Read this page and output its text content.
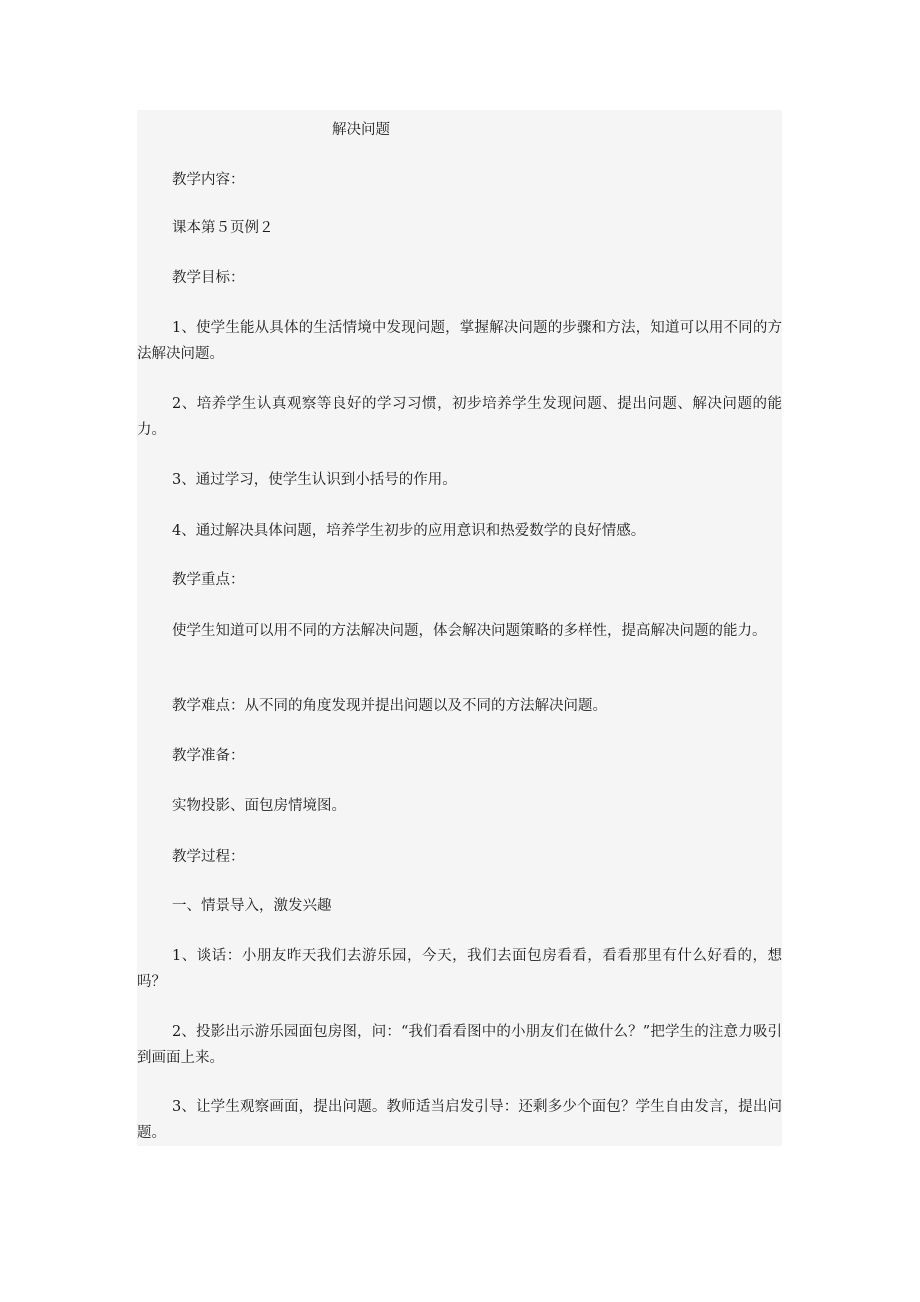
解决问题

教学内容：

课本第５页例２

教学目标：

1、使学生能从具体的生活情境中发现问题，掌握解决问题的步骤和方法，知道可以用不同的方法解决问题。

2、培养学生认真观察等良好的学习习惯，初步培养学生发现问题、提出问题、解决问题的能力。

3、通过学习，使学生认识到小括号的作用。

4、通过解决具体问题，培养学生初步的应用意识和热爱数学的良好情感。

教学重点：

使学生知道可以用不同的方法解决问题，体会解决问题策略的多样性，提高解决问题的能力。

教学难点：从不同的角度发现并提出问题以及不同的方法解决问题。

教学准备：

实物投影、面包房情境图。

教学过程：

一、情景导入，激发兴趣

1、谈话：小朋友昨天我们去游乐园，今天，我们去面包房看看，看看那里有什么好看的，想吗？

2、投影出示游乐园面包房图，问：“我们看看图中的小朋友们在做什么？”把学生的注意力吸引到画面上来。

3、让学生观察画面，提出问题。教师适当启发引导：还剩多少个面包？学生自由发言，提出问题。
